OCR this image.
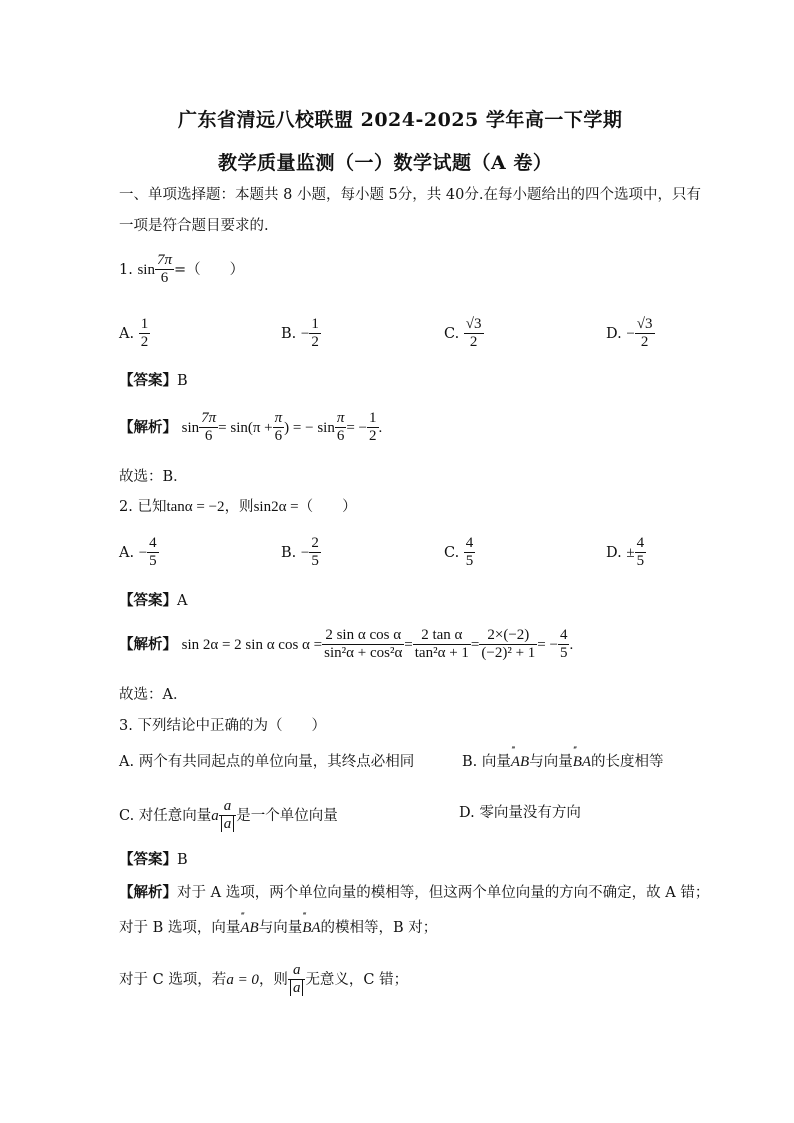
广东省清远八校联盟 2024-2025 学年高一下学期
教学质量监测（一）数学试题（A 卷）
一、单项选择题：本题共 8 小题，每小题 5分，共 40分.在每小题给出的四个选项中，只有
一项是符合题目要求的.
1. $\sin \frac{7\pi}{6}$ =（　　）
A. $\frac{1}{2}$	B. − $\frac{1}{2}$	C. $\frac{√3}{2}$	D. − $\frac{√3}{2}$
【答案】B
【解析】 $\sin \frac{7\pi}{6} = \sin(\pi + \frac{\pi}{6}$ ) = − $\sin \frac{\pi}{6}$ = − $\frac{1}{2}$ .
故选：B．
2. 已知tanα = −2，则sin2α =（　　）
A. − $\frac{4}{5}$	B. − $\frac{2}{5}$	C. $\frac{4}{5}$	D. ± $\frac{4}{5}$
【答案】A
【解析】 sin 2α = 2 sin α $\cos \alpha = \frac{\text{2 sin α cos α}}{\text{sin²α + cos²α}} = \frac{\text{2 tan α}}{\text{tan²α + 1}} = \frac{2\times(-2)}{\text{(−2)² + 1}}$ = − $\frac{4}{5}$ .
故选：A．
3. 下列结论中正确的为（　　）
A. 两个有共同起点的单位向量，其终点必相同	B. 向量′′′ AB与向量′′′ BA的长度相等
C. 对任意向量a $\frac{a}{a}$ 是一个单位向量	D. 零向量没有方向
【答案】B
【解析】对于 A 选项，两个单位向量的模相等，但这两个单位向量的方向不确定，故 A 错；
对于 B 选项，向量′′′ AB与向量′′′ BA的模相等，B 对；
对于 C 选项，若a = 0，则 $\frac{a}{a}$ 无意义，C 错；
